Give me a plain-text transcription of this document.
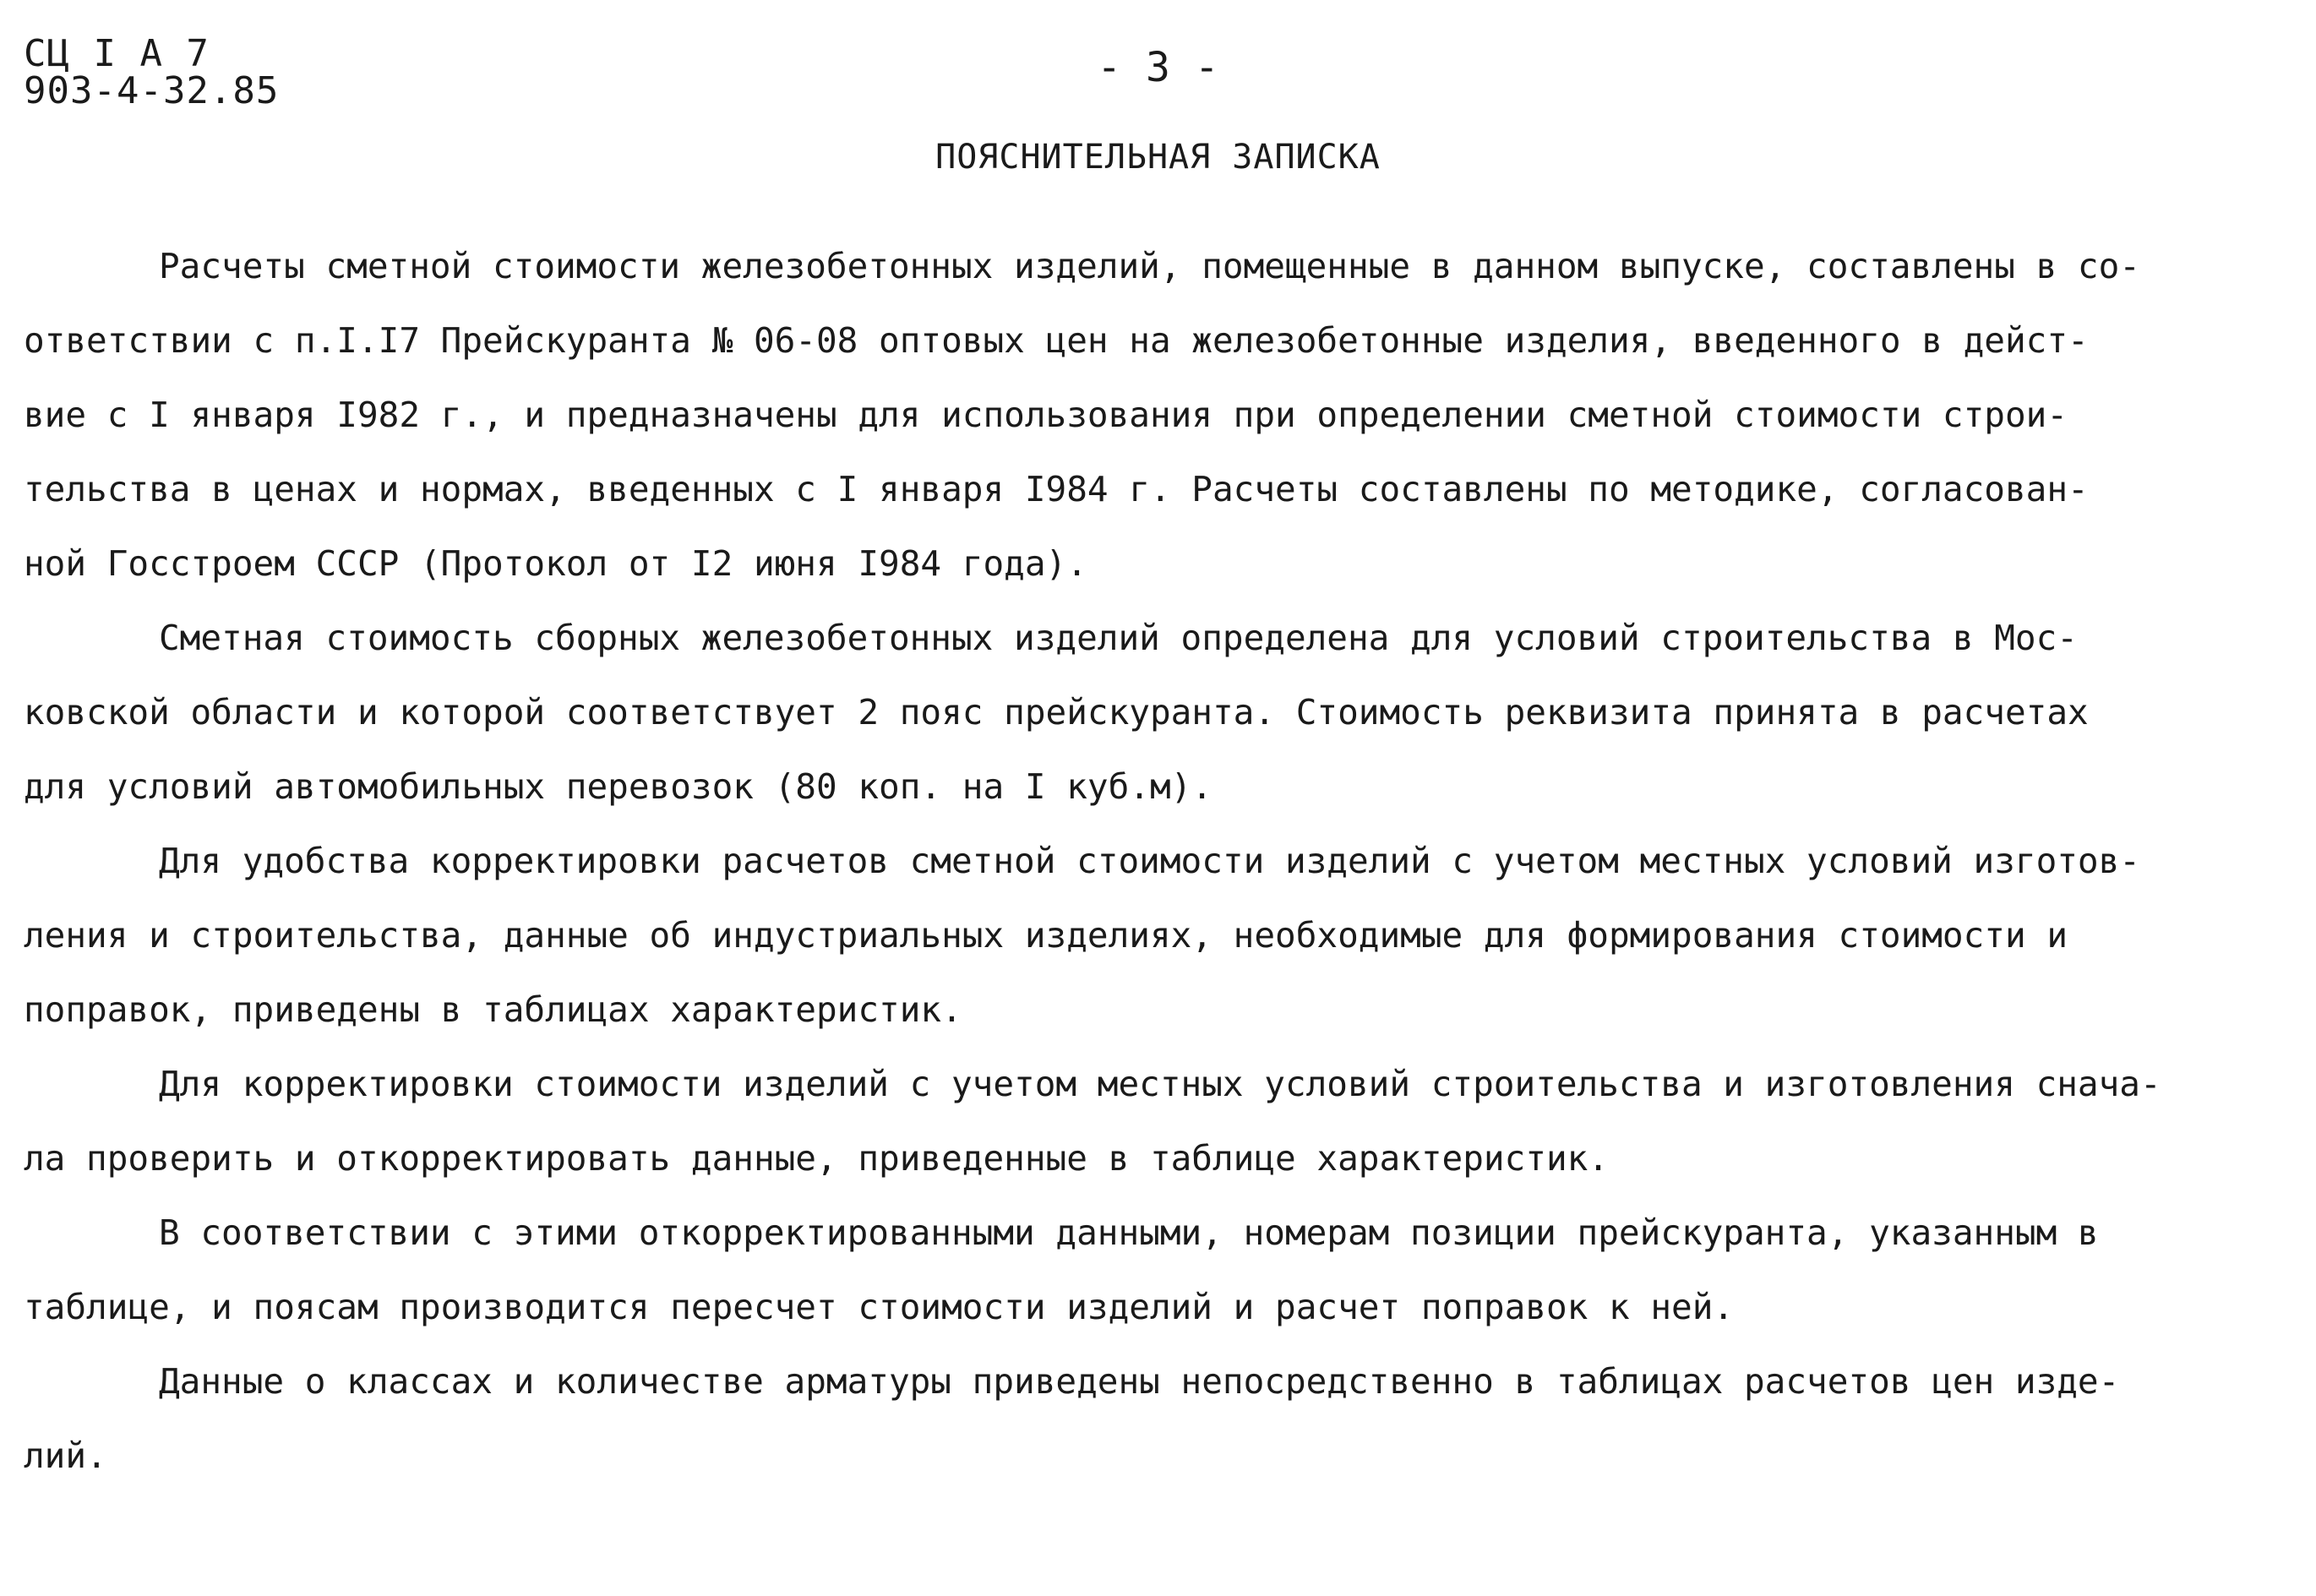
СЦ I А 7
903-4-32.85	- 3 -
ПОЯСНИТЕЛЬНАЯ ЗАПИСКА
Расчеты сметной стоимости железобетонных изделий, помещенные в данном выпуске, составлены в со-
ответствии с п.I.I7 Прейскуранта № 06-08 оптовых цен на железобетонные изделия, введенного в дейст-
вие с I января I982 г., и предназначены для использования при определении сметной стоимости строи-
тельства в ценах и нормах, введенных с I января I984 г. Расчеты составлены по методике, согласован-
ной Госстроем СССР (Протокол от I2 июня I984 года).
Сметная стоимость сборных железобетонных изделий определена для условий строительства в Мос-
ковской области и которой соответствует 2 пояс прейскуранта. Стоимость реквизита принята в расчетах
для условий автомобильных перевозок (80 коп. на I куб.м).
Для удобства корректировки расчетов сметной стоимости изделий с учетом местных условий изготов-
ления и строительства, данные об индустриальных изделиях, необходимые для формирования стоимости и
поправок, приведены в таблицах характеристик.
Для корректировки стоимости изделий с учетом местных условий строительства и изготовления снача-
ла проверить и откорректировать данные, приведенные в таблице характеристик.
В соответствии с этими откорректированными данными, номерам позиции прейскуранта, указанным в
таблице, и поясам производится пересчет стоимости изделий и расчет поправок к ней.
Данные о классах и количестве арматуры приведены непосредственно в таблицах расчетов цен изде-
лий.
